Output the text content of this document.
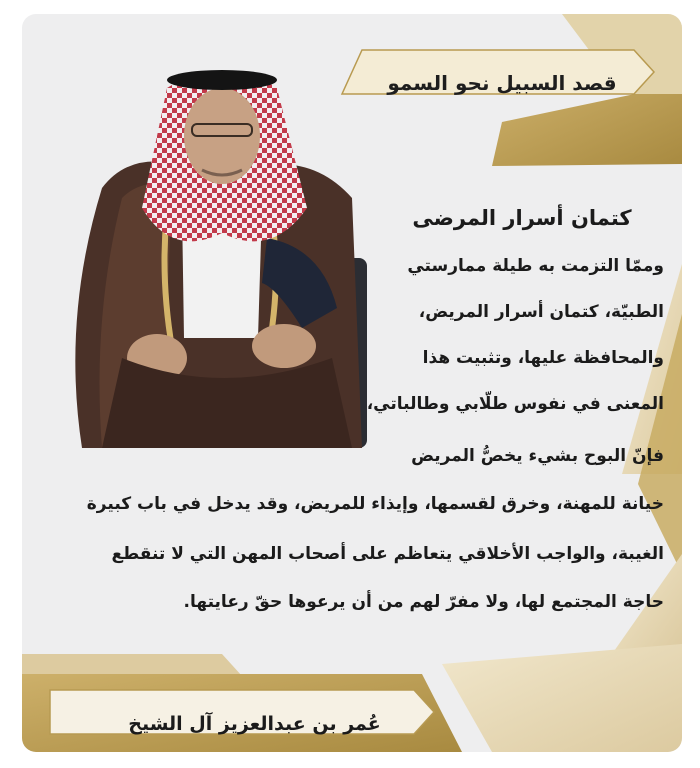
قصد السبيل نحو السمو
كتمان أسرار المرضى
وممّا التزمت به طيلة ممارستي
الطبيّة، كتمان أسرار المريض،
والمحافظة عليها، وتثبيت هذا
المعنى في نفوس طلّابي وطالباتي،
فإنّ البوح بشيء يخصُّ المريض
خيانة للمهنة، وخرق لقسمها، وإيذاء للمريض، وقد يدخل في باب كبيرة
الغيبة، والواجب الأخلاقي يتعاظم على أصحاب المهن التي لا تنقطع
حاجة المجتمع لها، ولا مفرّ لهم من أن يرعوها حقّ رعايتها.
عُمر بن عبدالعزيز آل الشيخ
